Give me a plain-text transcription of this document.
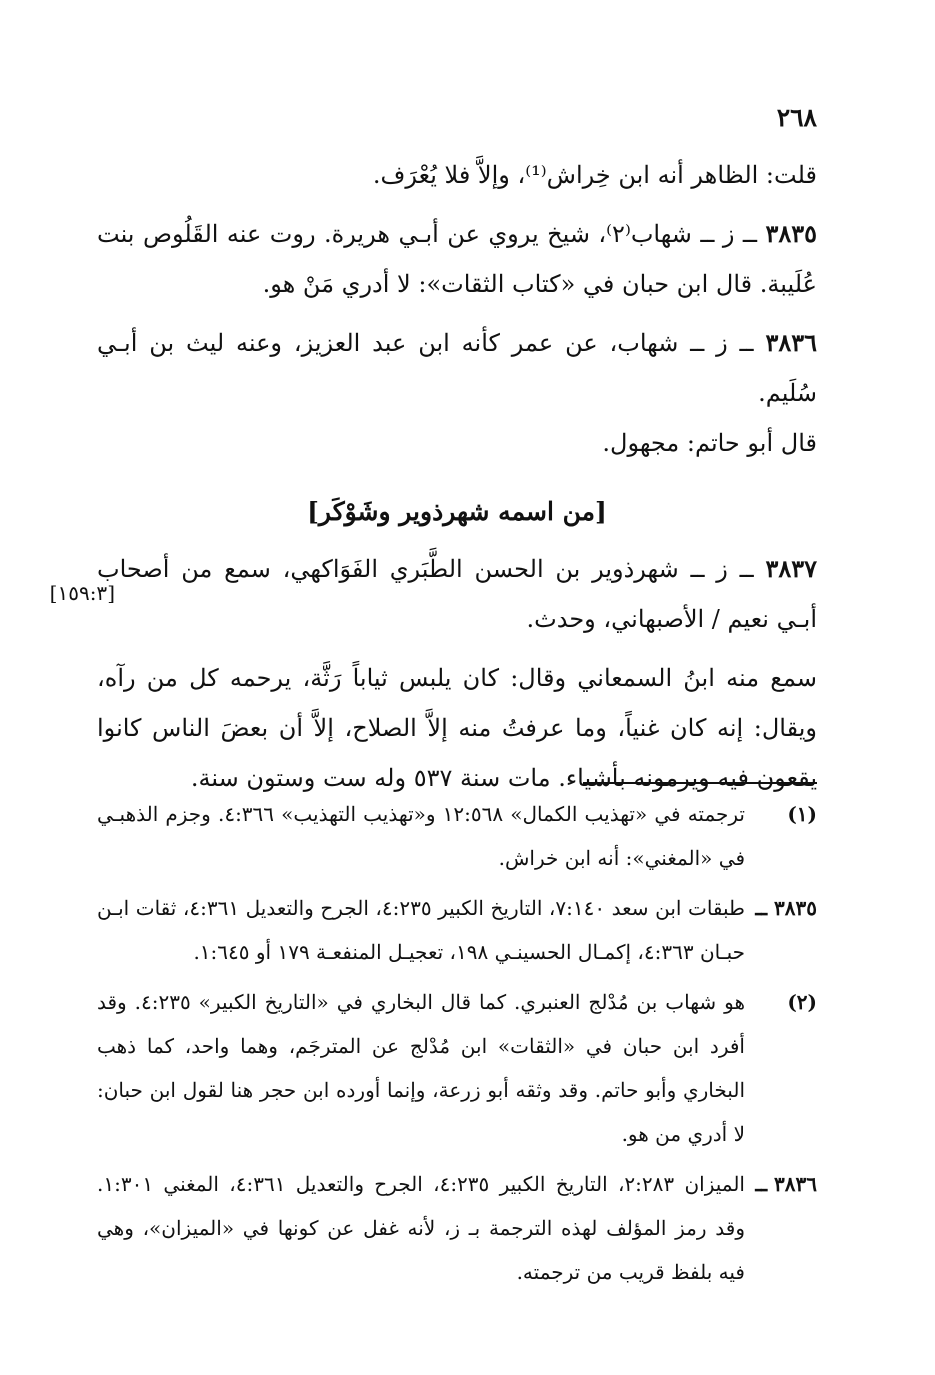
٢٦٨

قلت: الظاهر أنه ابن خِراش⁽¹⁾، وإلاَّ فلا يُعْرَف.

٣٨٣٥ ــ ز ــ شهاب⁽٢⁾، شيخ يروي عن أبـي هريرة. روت عنه القَلُوص بنت عُلَيبة. قال ابن حبان في «كتاب الثقات»: لا أدري مَنْ هو.

٣٨٣٦ ــ ز ــ شهاب، عن عمر كأنه ابن عبد العزيز، وعنه ليث بن أبـي سُلَيم.

قال أبو حاتم: مجهول.

[من اسمه شهرذوير وشَوْكَر]

٣٨٣٧ ــ ز ــ شهرذوير بن الحسن الطَّبَري الفَوَاكهي، سمع من أصحاب أبـي نعيم / الأصبهاني، وحدث.

سمع منه ابنُ السمعاني وقال: كان يلبس ثياباً رَثَّة، يرحمه كل من رآه، ويقال: إنه كان غنياً، وما عرفتُ منه إلاَّ الصلاح، إلاَّ أن بعضَ الناس كانوا يقعون فيه ويرمونه بأشياء. مات سنة ٥٣٧ وله ست وستون سنة.

[١٥٩:٣]
(١)
ترجمته في «تهذيب الكمال» ١٢:٥٦٨ و«تهذيب التهذيب» ٤:٣٦٦. وجزم الذهبـي في «المغني»: أنه ابن خراش.
٣٨٣٥ ــ
طبقات ابن سعد ٧:١٤٠، التاريخ الكبير ٤:٢٣٥، الجرح والتعديل ٤:٣٦١، ثقات ابـن حبـان ٤:٣٦٣، إكمـال الحسينـي ١٩٨، تعجيـل المنفعـة ١٧٩ أو ١:٦٤٥.
(٢)
هو شهاب بن مُدْلج العنبري. كما قال البخاري في «التاريخ الكبير» ٤:٢٣٥. وقد أفرد ابن حبان في «الثقات» ابن مُدْلج عن المترجَم، وهما واحد، كما ذهب البخاري وأبو حاتم. وقد وثقه أبو زرعة، وإنما أورده ابن حجر هنا لقول ابن حبان: لا أدري من هو.
٣٨٣٦ ــ
الميزان ٢:٢٨٣، التاريخ الكبير ٤:٢٣٥، الجرح والتعديل ٤:٣٦١، المغني ١:٣٠١. وقد رمز المؤلف لهذه الترجمة بـ ز، لأنه غفل عن كونها في «الميزان»، وهي فيه بلفظ قريب من ترجمته.
